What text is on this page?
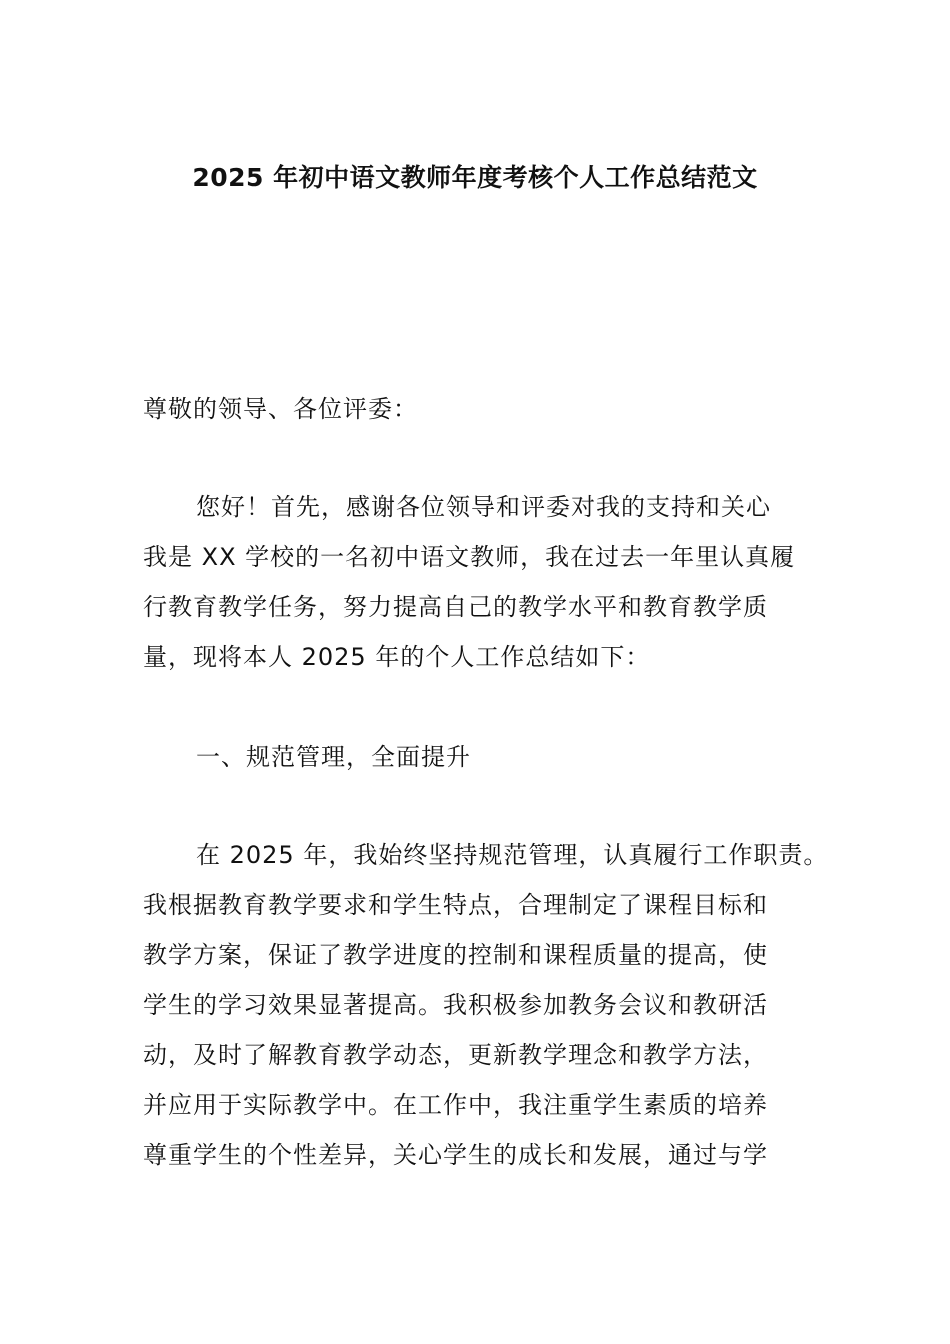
2025 年初中语文教师年度考核个人工作总结范文
尊敬的领导、各位评委：
您好！首先，感谢各位领导和评委对我的支持和关心
我是 XX 学校的一名初中语文教师，我在过去一年里认真履
行教育教学任务，努力提高自己的教学水平和教育教学质
量，现将本人 2025 年的个人工作总结如下：
一、规范管理，全面提升
在 2025 年，我始终坚持规范管理，认真履行工作职责。
我根据教育教学要求和学生特点，合理制定了课程目标和
教学方案，保证了教学进度的控制和课程质量的提高，使
学生的学习效果显著提高。我积极参加教务会议和教研活
动，及时了解教育教学动态，更新教学理念和教学方法，
并应用于实际教学中。在工作中，我注重学生素质的培养
尊重学生的个性差异，关心学生的成长和发展，通过与学
